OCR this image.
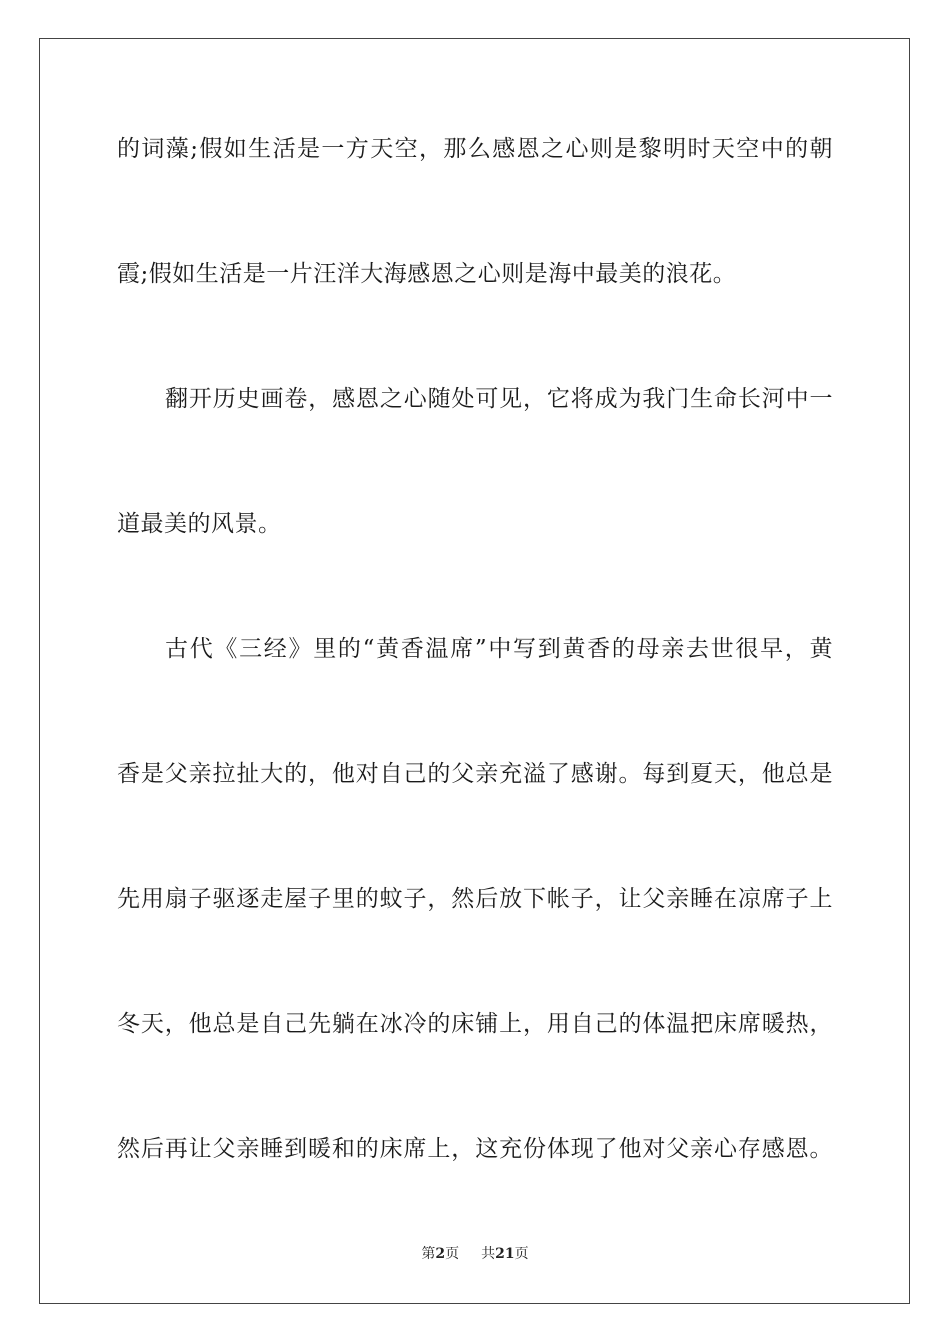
的词藻;假如生活是一方天空，那么感恩之心则是黎明时天空中的朝
霞;假如生活是一片汪洋大海感恩之心则是海中最美的浪花。
翻开历史画卷，感恩之心随处可见，它将成为我门生命长河中一
道最美的风景。
古代《三经》里的“黄香温席”中写到黄香的母亲去世很早，黄
香是父亲拉扯大的，他对自己的父亲充溢了感谢。每到夏天，他总是
先用扇子驱逐走屋子里的蚊子，然后放下帐子，让父亲睡在凉席子上
冬天，他总是自己先躺在冰冷的床铺上，用自己的体温把床席暖热，
然后再让父亲睡到暖和的床席上，这充份体现了他对父亲心存感恩。
第2页 共21页
